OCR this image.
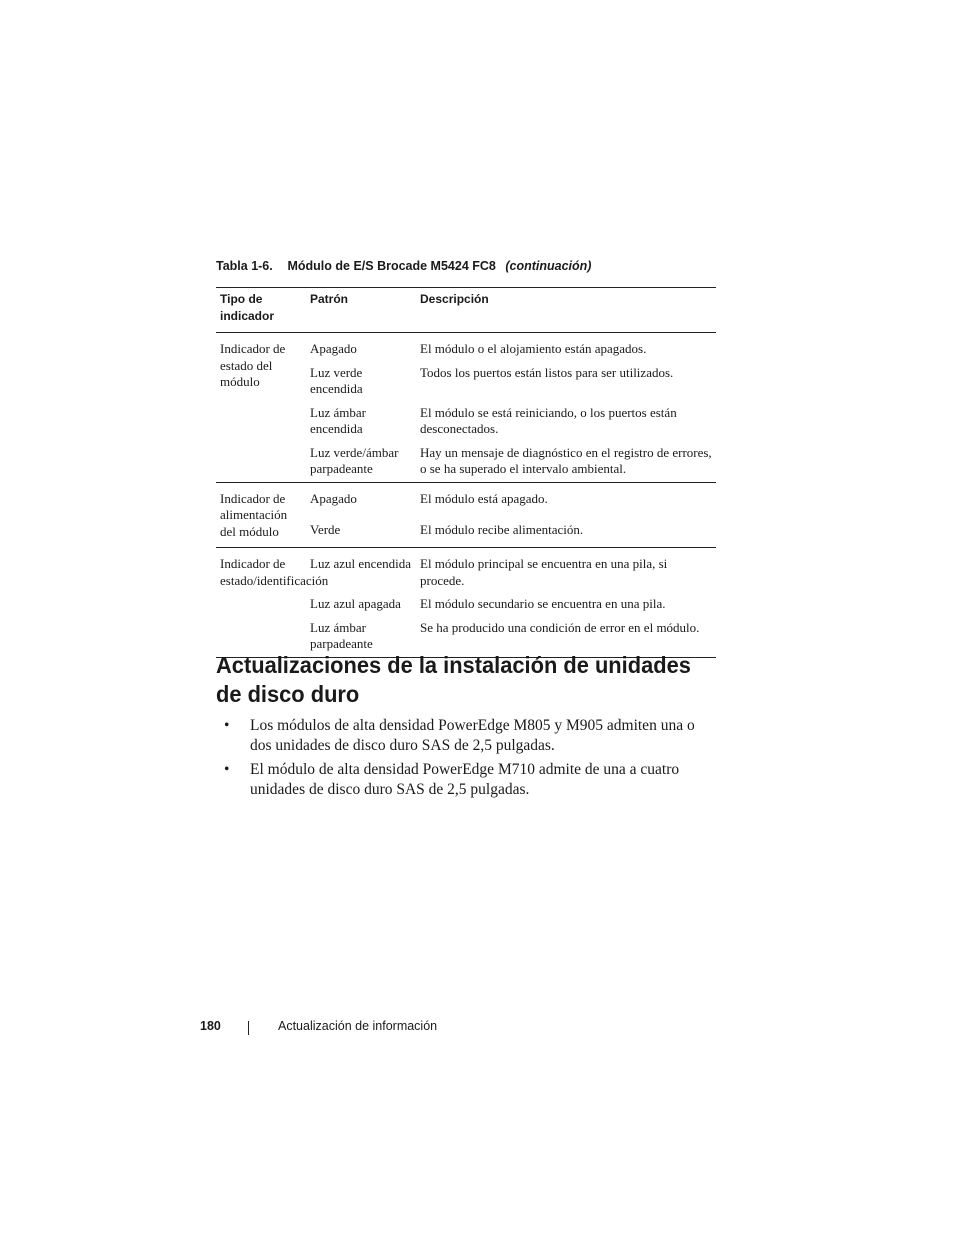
Tabla 1-6. Módulo de E/S Brocade M5424 FC8 (continuación)
Tipo de indicador	Patrón	Descripción
Indicador de estado del módulo	Apagado	El módulo o el alojamiento están apagados.
	Luz verde encendida	Todos los puertos están listos para ser utilizados.
	Luz ámbar encendida	El módulo se está reiniciando, o los puertos están desconectados.
	Luz verde/ámbar parpadeante	Hay un mensaje de diagnóstico en el registro de errores, o se ha superado el intervalo ambiental.
Indicador de alimentación del módulo	Apagado	El módulo está apagado.
	Verde	El módulo recibe alimentación.
Indicador de estado/identificación	Luz azul encendida	El módulo principal se encuentra en una pila, si procede.
	Luz azul apagada	El módulo secundario se encuentra en una pila.
	Luz ámbar parpadeante	Se ha producido una condición de error en el módulo.
Actualizaciones de la instalación de unidades de disco duro
• Los módulos de alta densidad PowerEdge M805 y M905 admiten una o dos unidades de disco duro SAS de 2,5 pulgadas.
• El módulo de alta densidad PowerEdge M710 admite de una a cuatro unidades de disco duro SAS de 2,5 pulgadas.
180	Actualización de información
